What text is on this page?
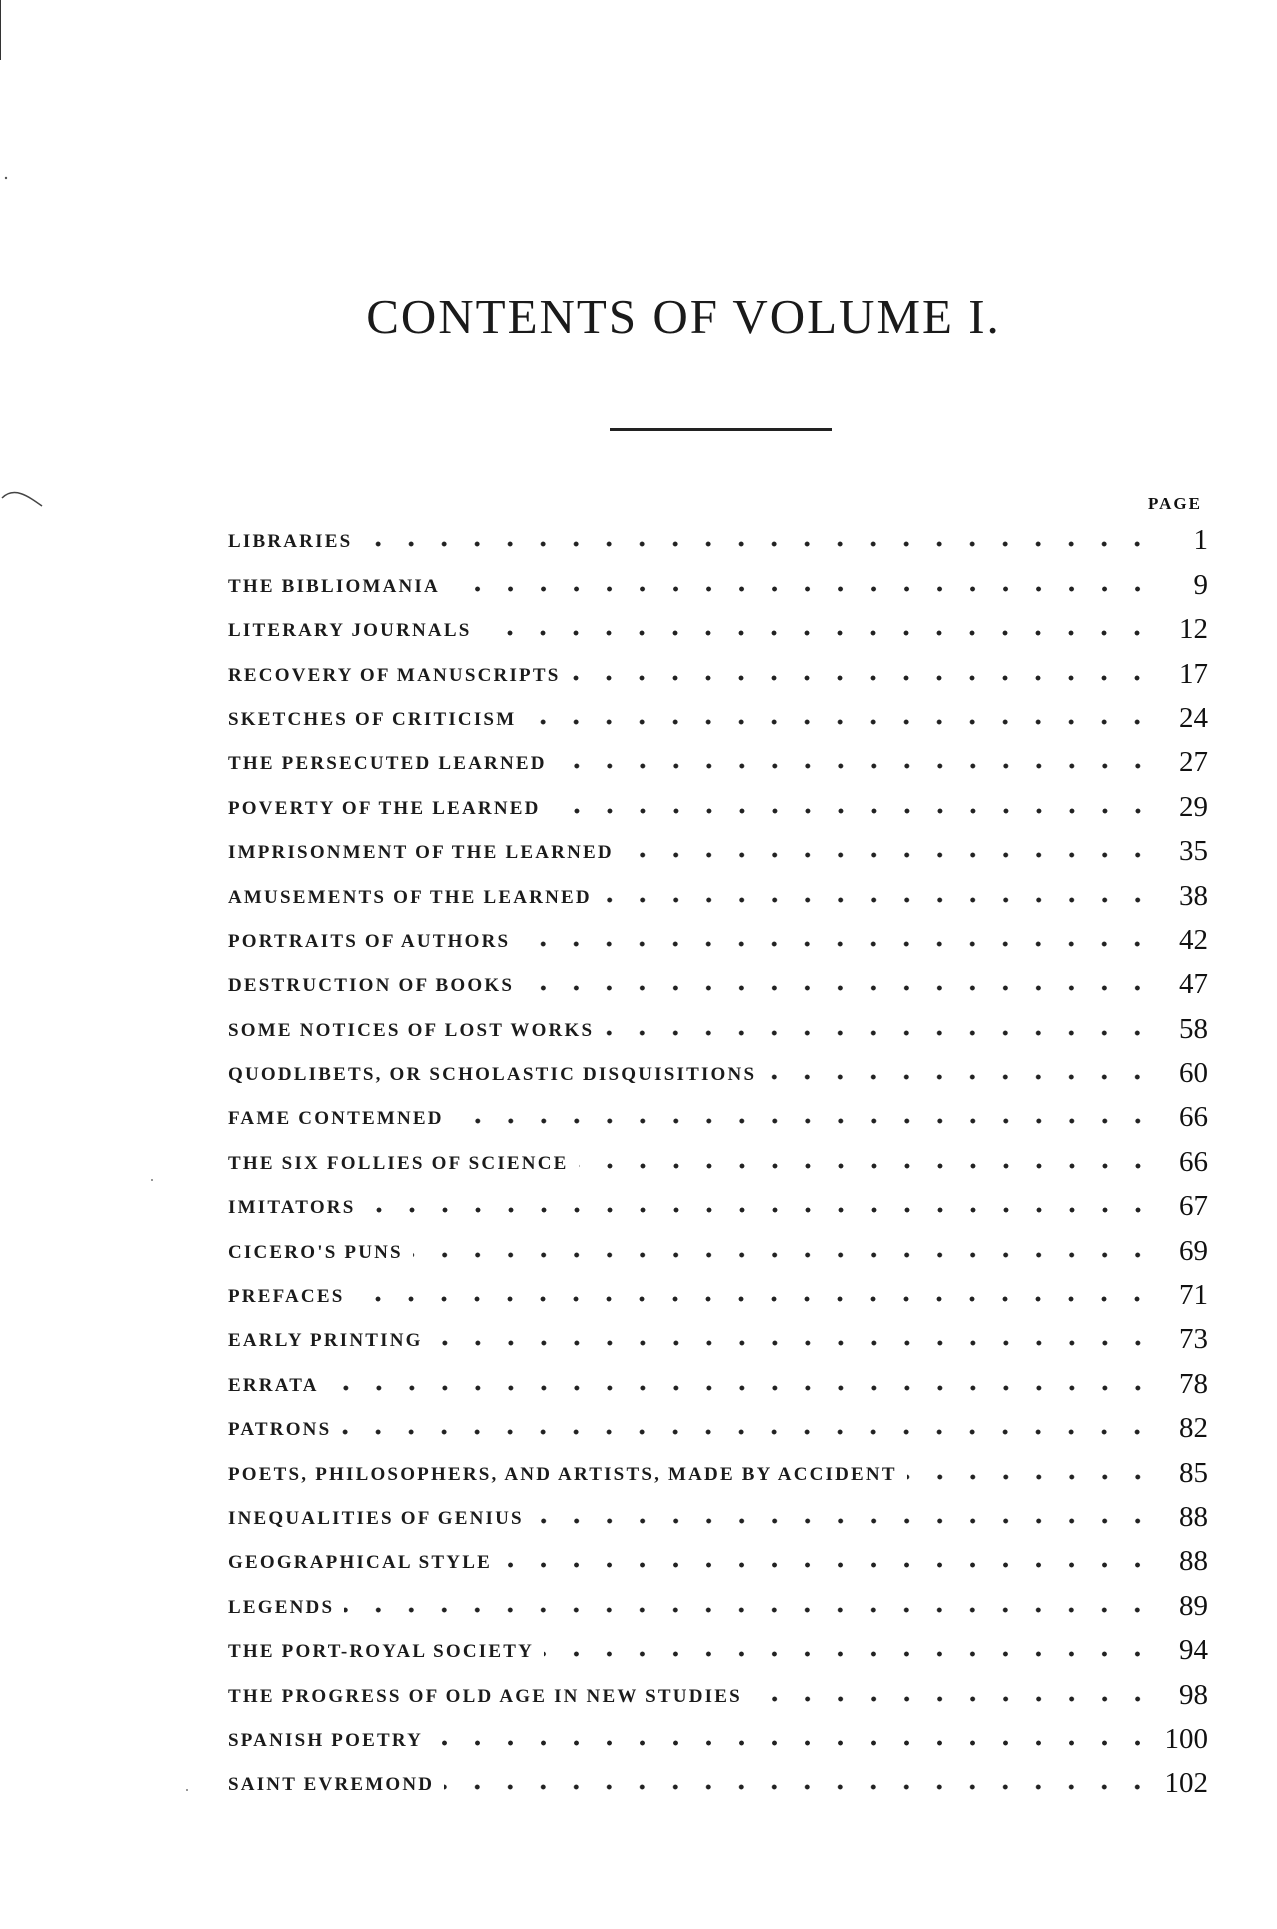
CONTENTS OF VOLUME I.
PAGE
LIBRARIES	1
THE BIBLIOMANIA	9
LITERARY JOURNALS	12
RECOVERY OF MANUSCRIPTS	17
SKETCHES OF CRITICISM	24
THE PERSECUTED LEARNED	27
POVERTY OF THE LEARNED	29
IMPRISONMENT OF THE LEARNED	35
AMUSEMENTS OF THE LEARNED	38
PORTRAITS OF AUTHORS	42
DESTRUCTION OF BOOKS	47
SOME NOTICES OF LOST WORKS	58
QUODLIBETS, OR SCHOLASTIC DISQUISITIONS	60
FAME CONTEMNED	66
THE SIX FOLLIES OF SCIENCE	66
IMITATORS	67
CICERO'S PUNS	69
PREFACES	71
EARLY PRINTING	73
ERRATA	78
PATRONS	82
POETS, PHILOSOPHERS, AND ARTISTS, MADE BY ACCIDENT	85
INEQUALITIES OF GENIUS	88
GEOGRAPHICAL STYLE	88
LEGENDS	89
THE PORT-ROYAL SOCIETY	94
THE PROGRESS OF OLD AGE IN NEW STUDIES	98
SPANISH POETRY	100
SAINT EVREMOND	102
